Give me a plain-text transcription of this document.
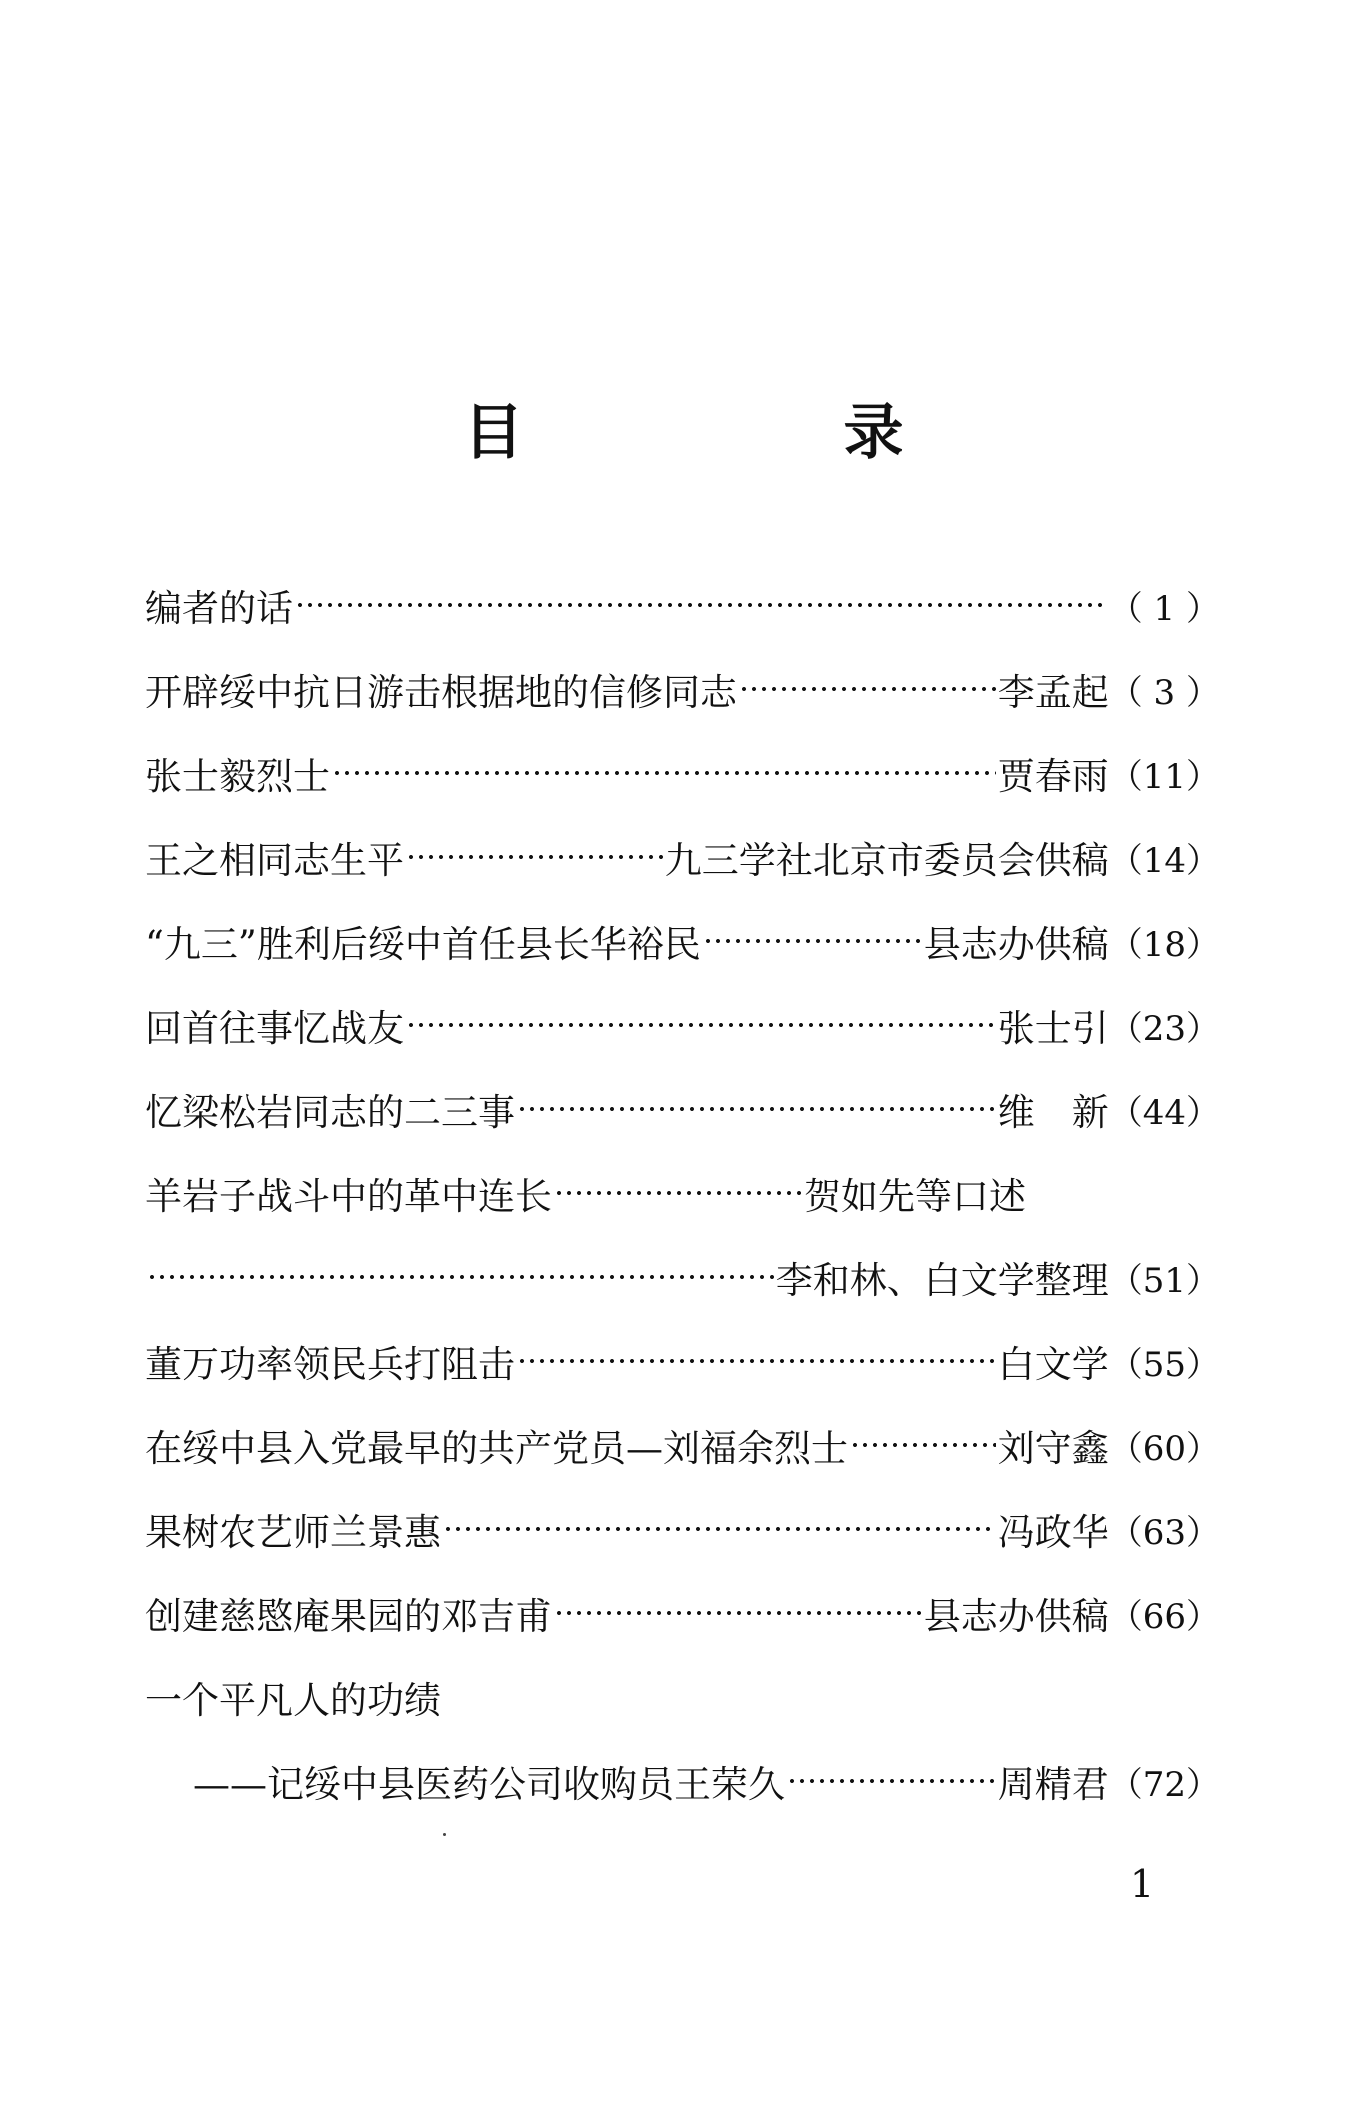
目　录
编者的话	（ 1 ）
开辟绥中抗日游击根据地的信修同志	李孟起 （ 3 ）
张士毅烈士	贾春雨 （11）
王之相同志生平	九三学社北京市委员会供稿 （14）
“九三”胜利后绥中首任县长华裕民	县志办供稿 （18）
回首往事忆战友	张士引 （23）
忆梁松岩同志的二三事	维　新 （44）
羊岩子战斗中的革中连长	贺如先等口述
李和林、白文学整理 （51）
董万功率领民兵打阻击	白文学 （55）
在绥中县入党最早的共产党员—刘福余烈士	刘守鑫 （60）
果树农艺师兰景惠	冯政华 （63）
创建慈愍庵果园的邓吉甫	县志办供稿 （66）
一个平凡人的功绩
——记绥中县医药公司收购员王荣久	周精君 （72）
1
